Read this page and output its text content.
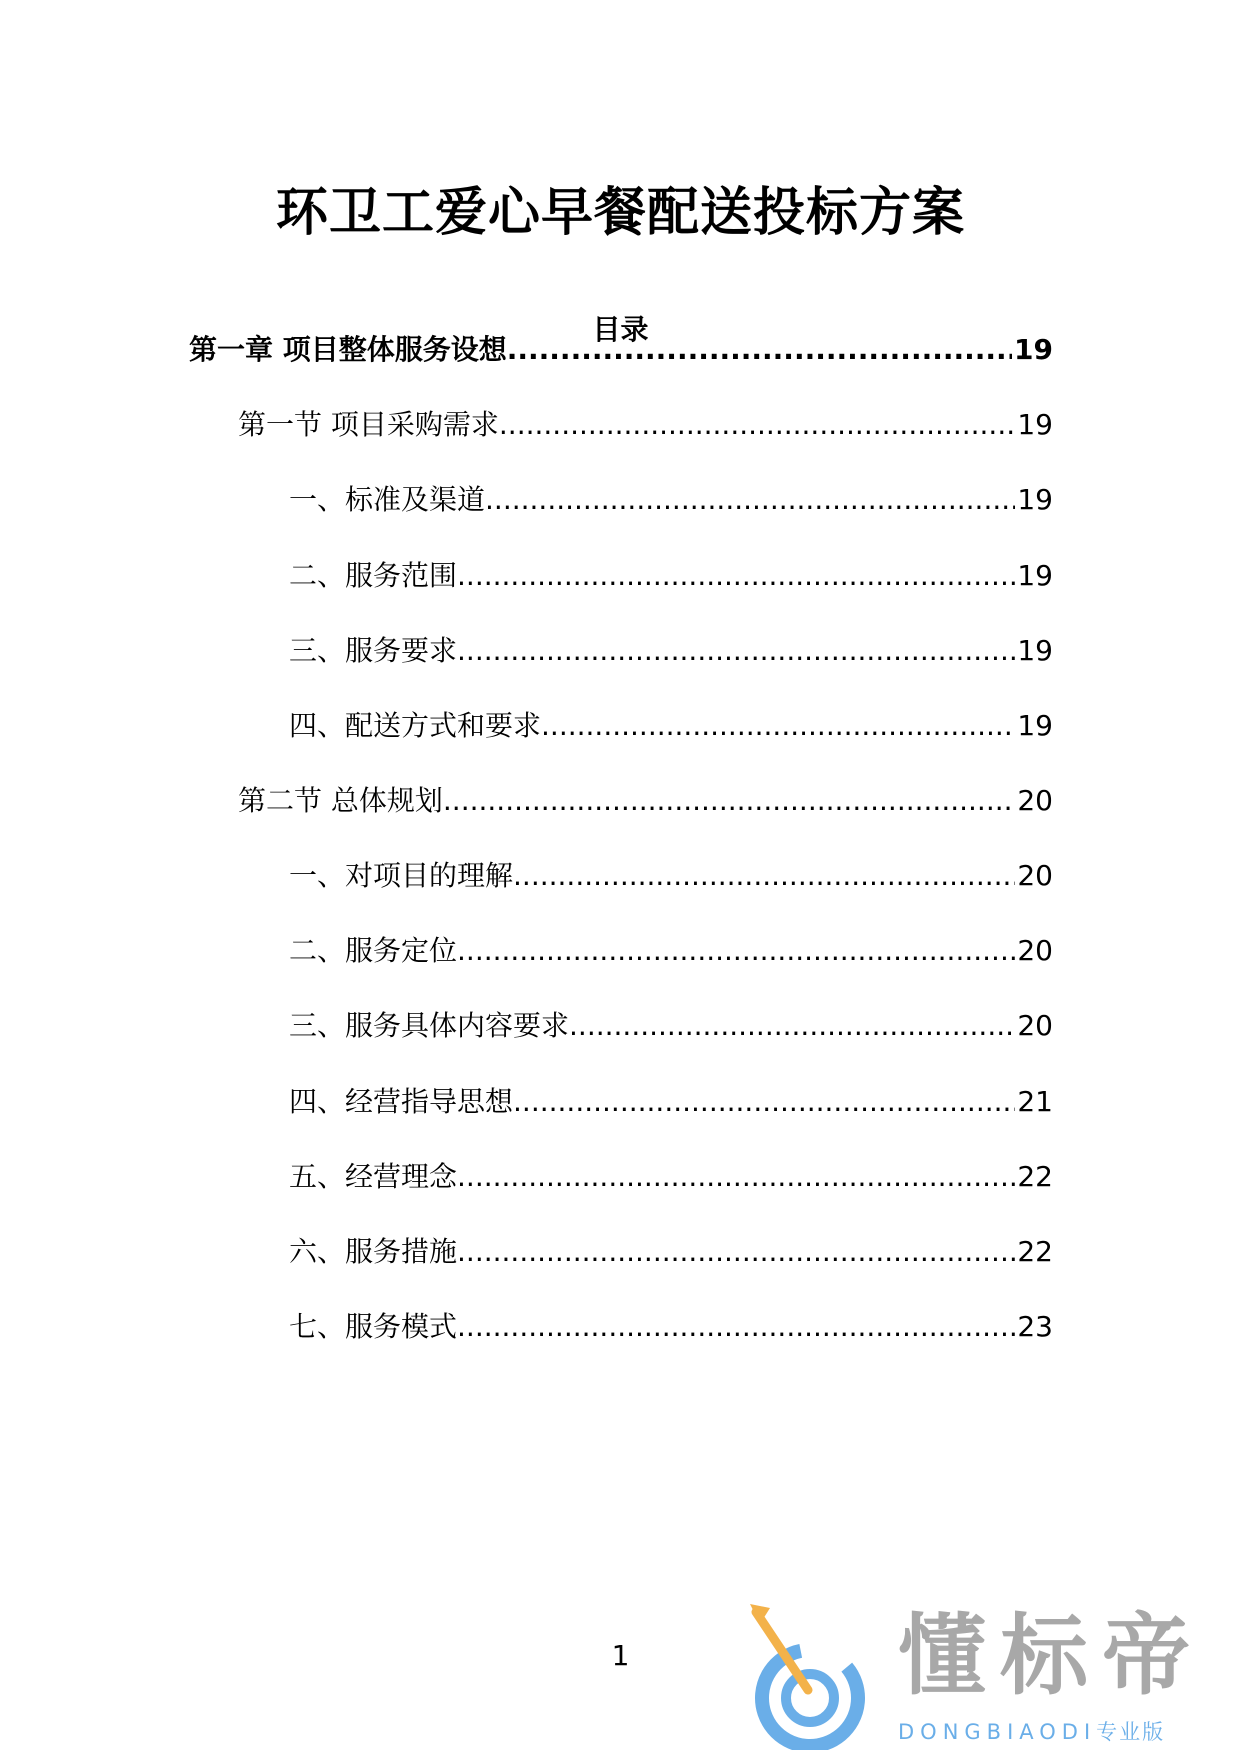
环卫工爱心早餐配送投标方案
目录
第一章 项目整体服务设想 .....	19
第一节 项目采购需求 .....	19
一、标准及渠道 .....	19
二、服务范围 .....	19
三、服务要求 .....	19
四、配送方式和要求 .....	19
第二节 总体规划 .....	20
一、对项目的理解 .....	20
二、服务定位 .....	20
三、服务具体内容要求 .....	20
四、经营指导思想 .....	21
五、经营理念 .....	22
六、服务措施 .....	22
七、服务模式 .....	23
1	懂标帝
DONGBIAODI专业版
